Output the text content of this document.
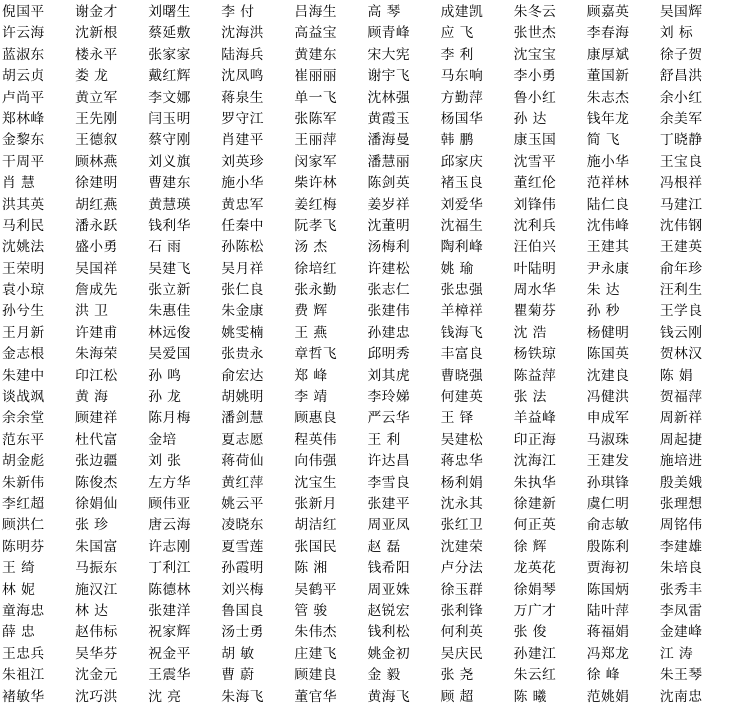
倪国平	谢金才	刘曙生	李 付	吕海生	高 琴	成建凯	朱冬云	顾嘉英	吴国辉
许云海	沈新根	蔡延敷	沈海洪	高益宝	顾青峰	应 飞	张世杰	李春海	刘 标
蓝淑东	楼永平	张家家	陆海兵	黄建东	宋大宪	李 利	沈宝宝	康厚斌	徐子贺
胡云贞	娄 龙	戴红辉	沈凤鸣	崔丽丽	谢宇飞	马东响	李小勇	董国新	舒昌洪
卢尚平	黄立军	李文娜	蒋泉生	单一飞	沈林强	方勤萍	鲁小红	朱志杰	余小红
郑林峰	王先刚	闫玉明	罗守江	张陈军	黄霞玉	杨国华	孙 达	钱年龙	余美军
金黎东	王德叙	蔡守刚	肖建平	王丽萍	潘海曼	韩 鹏	康玉国	简 飞	丁晓静
干周平	顾林燕	刘义旗	刘英珍	闵家军	潘慧丽	邱家庆	沈雪平	施小华	王宝良
肖 慧	徐建明	曹建东	施小华	柴许林	陈剑英	褚玉良	董红伦	范祥林	冯根祥
洪其英	胡红燕	黄慧瑛	黄忠军	姜红梅	姜岁祥	刘爱华	刘锋伟	陆仁良	马建江
马利民	潘永跃	钱利华	任秦中	阮孝飞	沈董明	沈福生	沈利兵	沈伟峰	沈伟钢
沈姚法	盛小勇	石 雨	孙陈松	汤 杰	汤梅利	陶利峰	汪伯兴	王建其	王建英
王荣明	吴国祥	吴建飞	吴月祥	徐培红	许建松	姚 瑜	叶陆明	尹永康	俞年珍
袁小琼	詹成先	张立新	张仁良	张永勤	张志仁	张忠强	周水华	朱 达	汪利生
孙兮生	洪 卫	朱惠佳	朱金康	费 辉	张建伟	羊樟祥	瞿菊芬	孙 秒	王学良
王月新	许建甫	林远俊	姚雯楠	王 燕	孙建忠	钱海飞	沈 浩	杨健明	钱云刚
金志根	朱海荣	吴爱国	张贵永	章哲飞	邱明秀	丰富良	杨铁琼	陈国英	贺林汉
朱建中	印江松	孙 鸣	俞宏达	郑 峰	刘其虎	曹晓强	陈益萍	沈建良	陈 娟
谈战飒	黄 海	孙 龙	胡姚明	李 靖	李玲娣	何建英	张 法	冯健洪	贺福萍
余余堂	顾建祥	陈月梅	潘剑慧	顾惠良	严云华	王 铎	羊益峰	申成军	周新祥
范东平	杜代富	金培	夏志愿	程英伟	王 利	吴建松	印正海	马淑珠	周起捷
胡金彪	张边疆	刘 张	蒋荷仙	向伟强	许达昌	蒋忠华	沈海江	王建发	施培进
朱新伟	陈俊杰	左方华	黄红萍	沈宝生	李雪良	杨利娟	朱执华	孙琪锋	殷美娥
李红超	徐娟仙	顾伟亚	姚云平	张新月	张建平	沈永其	徐建新	虞仁明	张理想
顾洪仁	张 珍	唐云海	凌晓东	胡洁红	周亚凤	张红卫	何正英	俞志敏	周铭伟
陈明芬	朱国富	许志刚	夏雪莲	张国民	赵 磊	沈建荣	徐 辉	殷陈利	李建雄
王 绮	马振东	丁利江	孙霞明	陈 湘	钱希阳	卢分法	龙英花	贾海初	朱培良
林 妮	施汉江	陈德林	刘兴梅	吴鹤平	周亚姝	徐玉群	徐娟琴	陈国炳	张秀丰
童海忠	林 达	张建洋	鲁国良	管 骏	赵锐宏	张利锋	万广才	陆叶萍	李凤雷
薛 忠	赵伟标	祝家辉	汤士勇	朱伟杰	钱利松	何利英	张 俊	蒋福娟	金建峰
王忠兵	吴华芬	祝金平	胡 敏	庄建飞	姚金初	吴庆民	孙建江	冯郑龙	江 涛
朱祖江	沈金元	王震华	曹 蔚	顾建良	金 毅	张 尧	朱云红	徐 峰	朱王琴
褚敏华	沈巧洪	沈 亮	朱海飞	董官华	黄海飞	顾 超	陈 曦	范姚娟	沈南忠
